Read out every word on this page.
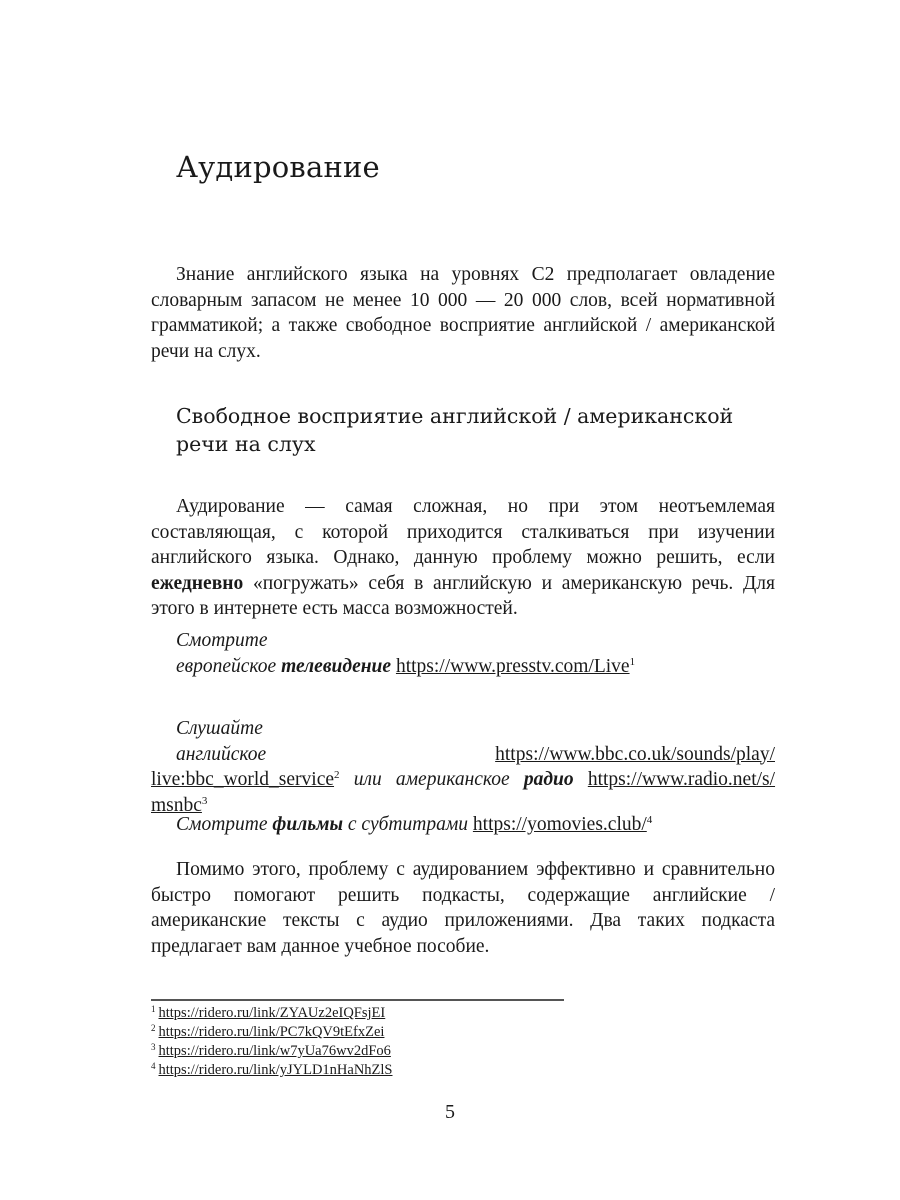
Аудирование

Знание английского языка на уровнях C2 предполагает овладение словарным запасом не менее 10 000 — 20 000 слов, всей нормативной грамматикой; а также свободное восприятие английской / американской речи на слух.

Свободное восприятие английской / американской речи на слух

Аудирование — самая сложная, но при этом неотъемлемая составляющая, с которой приходится сталкиваться при изучении английского языка. Однако, данную проблему можно решить, если ежедневно «погружать» себя в английскую и американскую речь. Для этого в интернете есть масса возможностей.

Смотрите

европейское телевидение https://www.presstv.com/Live$^1$

Слушайте

английское	https://www.bbc.co.uk/sounds/play/

live:bbc_world_service$^2$ или американское радио https://www.radio.net/s/

msnbc$^3$

Смотрите фильмы с субтитрами https://yomovies.club/$^4$

Помимо этого, проблему с аудированием эффективно и сравнительно быстро помогают решить подкасты, содержащие английские / американские тексты с аудио приложениями. Два таких подкаста предлагает вам данное учебное пособие.

$^1$ https://ridero.ru/link/ZYAUz2eIQFsjEI
$^2$ https://ridero.ru/link/PC7kQV9tEfxZei
$^3$ https://ridero.ru/link/w7yUa76wv2dFo6
$^4$ https://ridero.ru/link/yJYLD1nHaNhZlS
5
